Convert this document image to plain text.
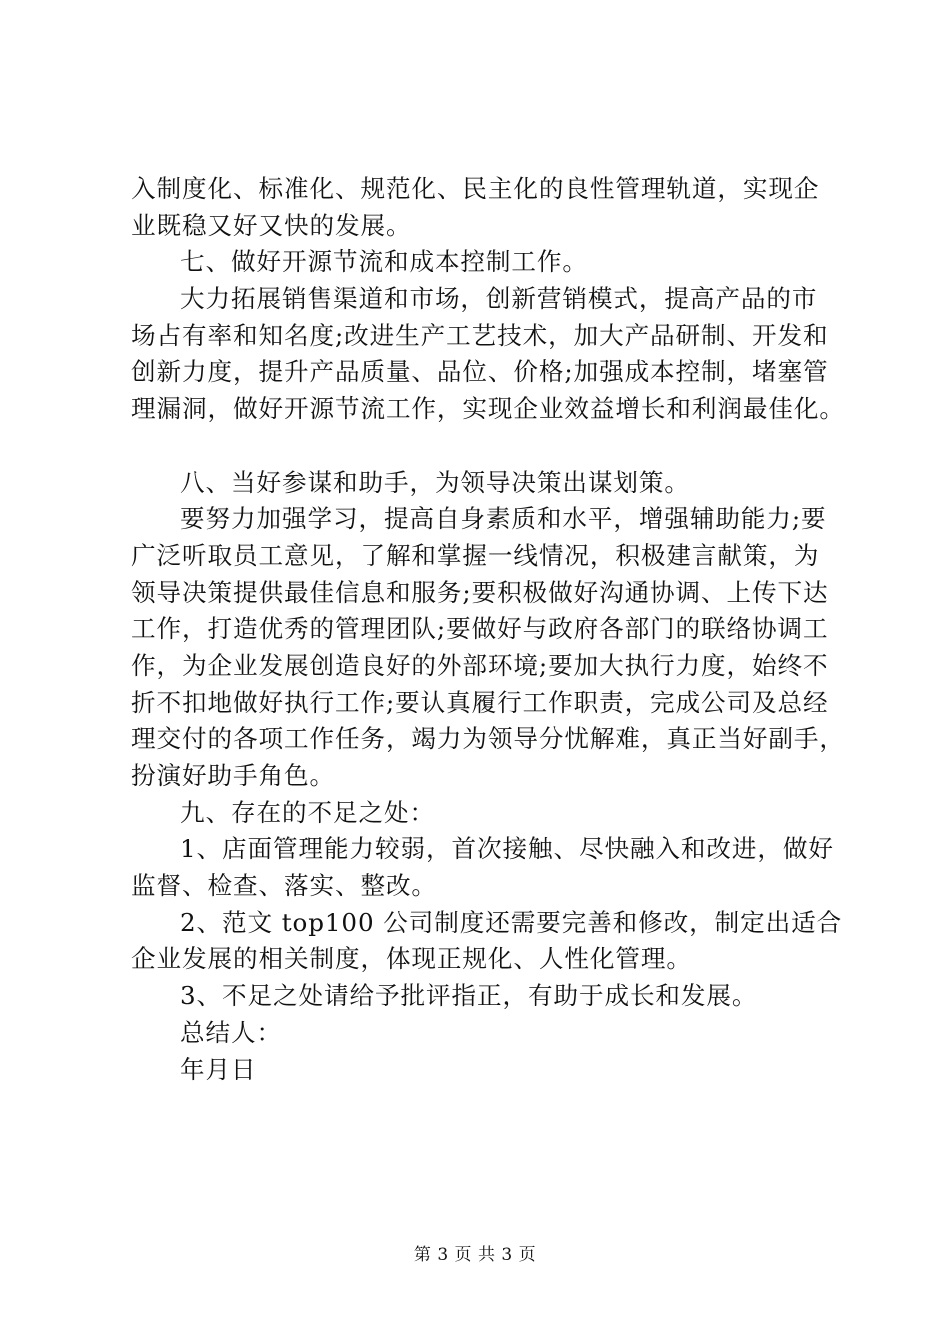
入制度化、标准化、规范化、民主化的良性管理轨道，实现企
业既稳又好又快的发展。
七、做好开源节流和成本控制工作。
大力拓展销售渠道和市场，创新营销模式，提高产品的市
场占有率和知名度;改进生产工艺技术，加大产品研制、开发和
创新力度，提升产品质量、品位、价格;加强成本控制，堵塞管
理漏洞，做好开源节流工作，实现企业效益增长和利润最佳化。
八、当好参谋和助手，为领导决策出谋划策。
要努力加强学习，提高自身素质和水平，增强辅助能力;要
广泛听取员工意见，了解和掌握一线情况，积极建言献策，为
领导决策提供最佳信息和服务;要积极做好沟通协调、上传下达
工作，打造优秀的管理团队;要做好与政府各部门的联络协调工
作，为企业发展创造良好的外部环境;要加大执行力度，始终不
折不扣地做好执行工作;要认真履行工作职责，完成公司及总经
理交付的各项工作任务，竭力为领导分忧解难，真正当好副手，
扮演好助手角色。
九、存在的不足之处：
1、店面管理能力较弱，首次接触、尽快融入和改进，做好
监督、检查、落实、整改。
2、范文 top100 公司制度还需要完善和修改，制定出适合
企业发展的相关制度，体现正规化、人性化管理。
3、不足之处请给予批评指正，有助于成长和发展。
总结人：
年月日
第 3 页 共 3 页
